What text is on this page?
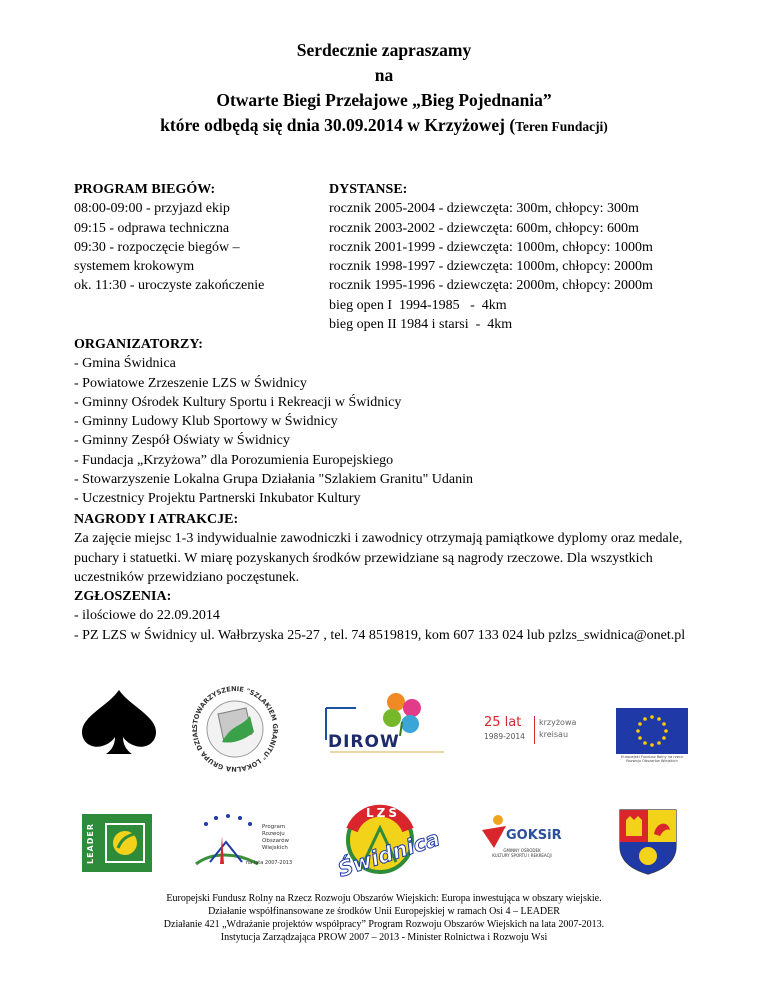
Serdecznie zapraszamy
na
Otwarte Biegi Przełajowe „Bieg Pojednania”
które odbędą się dnia 30.09.2014 w Krzyżowej (Teren Fundacji)
PROGRAM BIEGÓW:
08:00-09:00 - przyjazd ekip
09:15 - odprawa techniczna
09:30 - rozpoczęcie biegów –
systemem krokowym
ok. 11:30 - uroczyste zakończenie
DYSTANSE:
rocznik 2005-2004 - dziewczęta: 300m, chłopcy: 300m
rocznik 2003-2002 - dziewczęta: 600m, chłopcy: 600m
rocznik 2001-1999 - dziewczęta: 1000m, chłopcy: 1000m
rocznik 1998-1997 - dziewczęta: 1000m, chłopcy: 2000m
rocznik 1995-1996 - dziewczęta: 2000m, chłopcy: 2000m
bieg open I  1994-1985   -  4km
bieg open II 1984 i starsi  -  4km
ORGANIZATORZY:
- Gmina Świdnica
- Powiatowe Zrzeszenie LZS w Świdnicy
- Gminny Ośrodek Kultury Sportu i Rekreacji w Świdnicy
- Gminny Ludowy Klub Sportowy w Świdnicy
- Gminny Zespół Oświaty w Świdnicy
- Fundacja „Krzyżowa” dla Porozumienia Europejskiego
- Stowarzyszenie Lokalna Grupa Działania "Szlakiem Granitu" Udanin
- Uczestnicy Projektu Partnerski Inkubator Kultury
NAGRODY I ATRAKCJE:
Za zajęcie miejsc 1-3 indywidualnie zawodniczki i zawodnicy otrzymają pamiątkowe dyplomy oraz medale,
puchary i statuetki. W miarę pozyskanych środków przewidziane są nagrody rzeczowe. Dla wszystkich
uczestników przewidziano poczęstunek.
ZGŁOSZENIA:
- ilościowe do 22.09.2014
- PZ LZS w Świdnicy ul. Wałbrzyska 25-27 , tel. 74 8519819, kom 607 133 024 lub pzlzs_swidnica@onet.pl
STOWARZYSZENIE "SZLAKIEM GRANITU" LOKALNA GRUPA DZIAŁ
DIROW
25 lat
1989-2014
krzyżowa
kreisau
Europejski Fundusz Rolny na rzecz
Rozwoju Obszarów Wiejskich
LEADER	Program
Rozwoju
Obszarów
Wiejskich
na lata 2007-2013
LZS
Świdnica	GOKSiR
GMINNY OŚRODEK
KULTURY SPORTU I REKREACJI
Europejski Fundusz Rolny na Rzecz Rozwoju Obszarów Wiejskich: Europa inwestująca w obszary wiejskie.
Działanie współfinansowane ze środków Unii Europejskiej w ramach Osi 4 – LEADER
Działanie 421 „Wdrażanie projektów współpracy” Program Rozwoju Obszarów Wiejskich na lata 2007-2013.
Instytucja Zarządzająca PROW 2007 – 2013 - Minister Rolnictwa i Rozwoju Wsi
